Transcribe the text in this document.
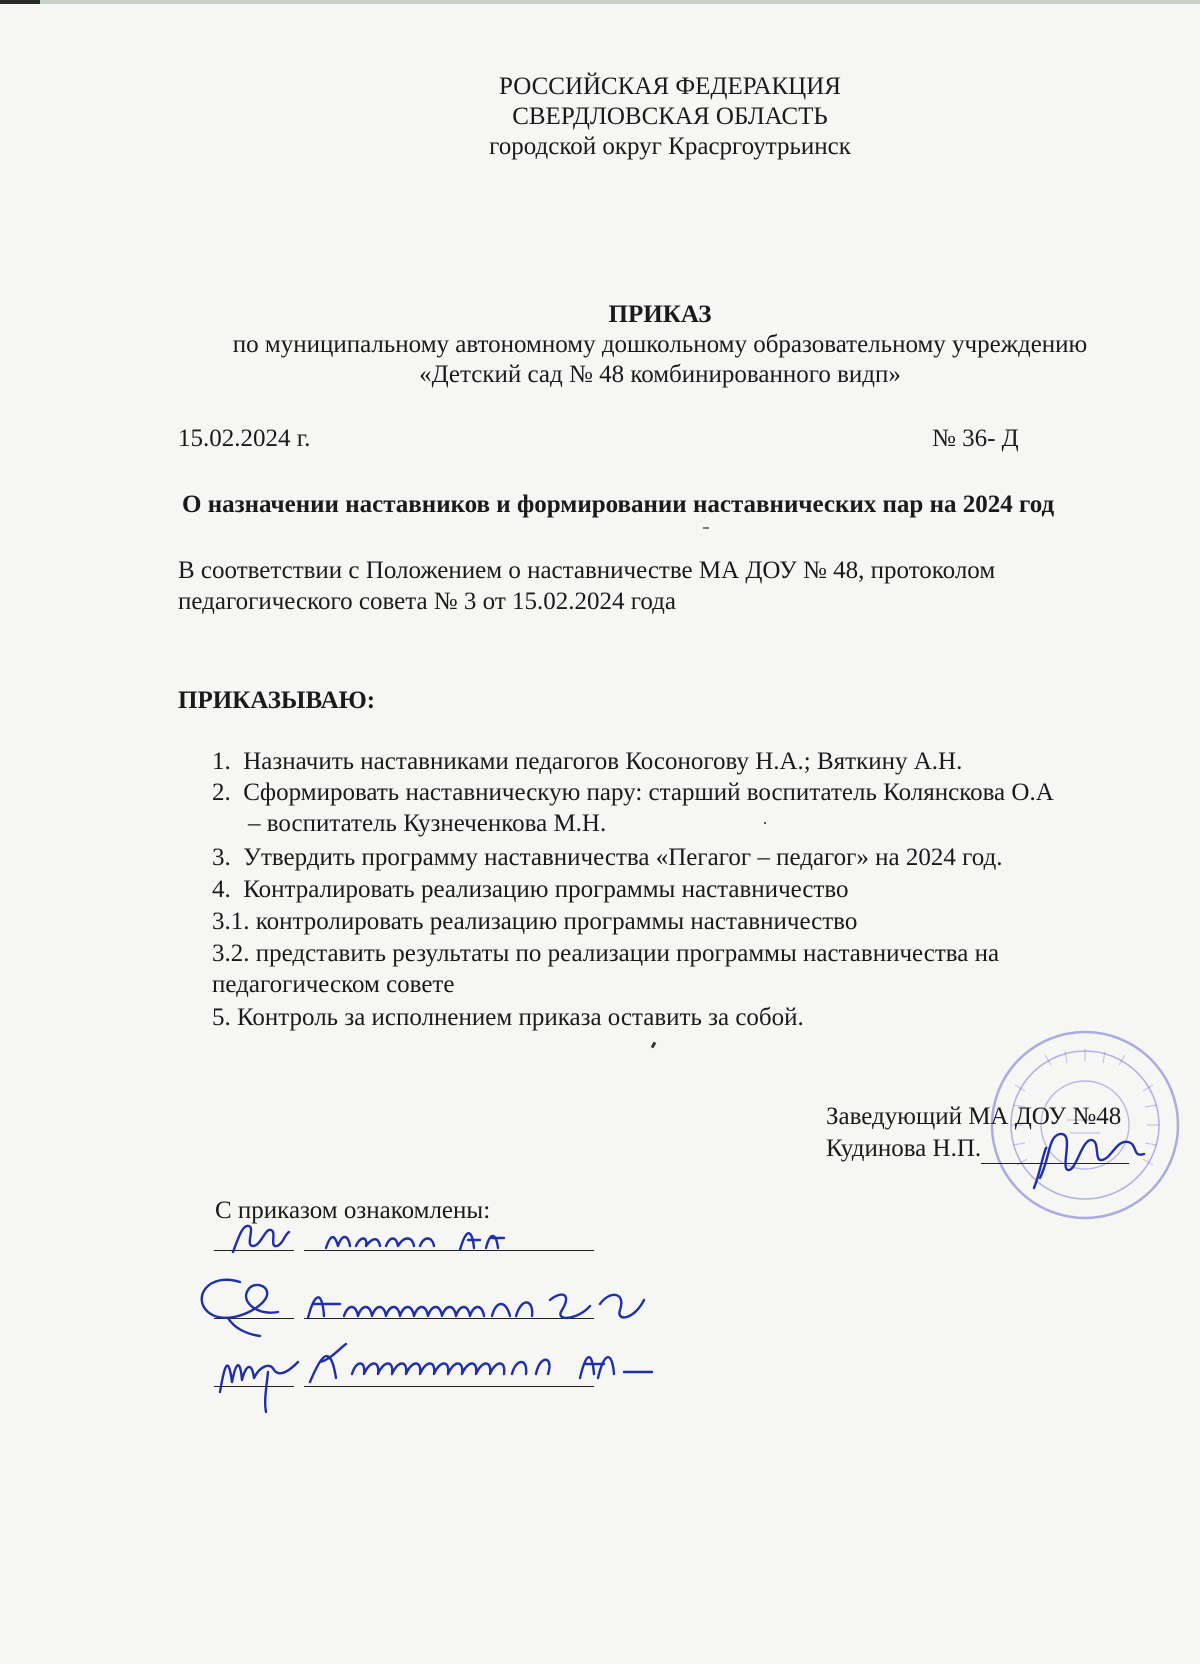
РОССИЙСКАЯ ФЕДЕРАКЦИЯ
СВЕРДЛОВСКАЯ ОБЛАСТЬ
городской округ Красргоутрьинск
ПРИКАЗ
по муниципальному автономному дошкольному образовательному учреждению
«Детский сад № 48 комбинированного видп»
15.02.2024 г.	№ 36- Д
О назначении наставников и формировании наставнических пар на 2024 год
В соответствии с Положением о наставничестве МА ДОУ № 48, протоколом
педагогического совета № 3 от 15.02.2024 года
ПРИКАЗЫВАЮ:
1. Назначить наставниками педагогов Косоногову Н.А.; Вяткину А.Н.
2. Сформировать наставническую пару: старший воспитатель Колянскова О.А
– воспитатель Кузнеченкова М.Н.
3. Утвердить программу наставничества «Пегагог – педагог» на 2024 год.
4. Контралировать реализацию программы наставничество
3.1. контролировать реализацию программы наставничество
3.2. представить результаты по реализации программы наставничества на
педагогическом совете
5. Контроль за исполнением приказа оставить за собой.
Заведующий МА ДОУ №48
Кудинова Н.П.
С приказом ознакомлены:
